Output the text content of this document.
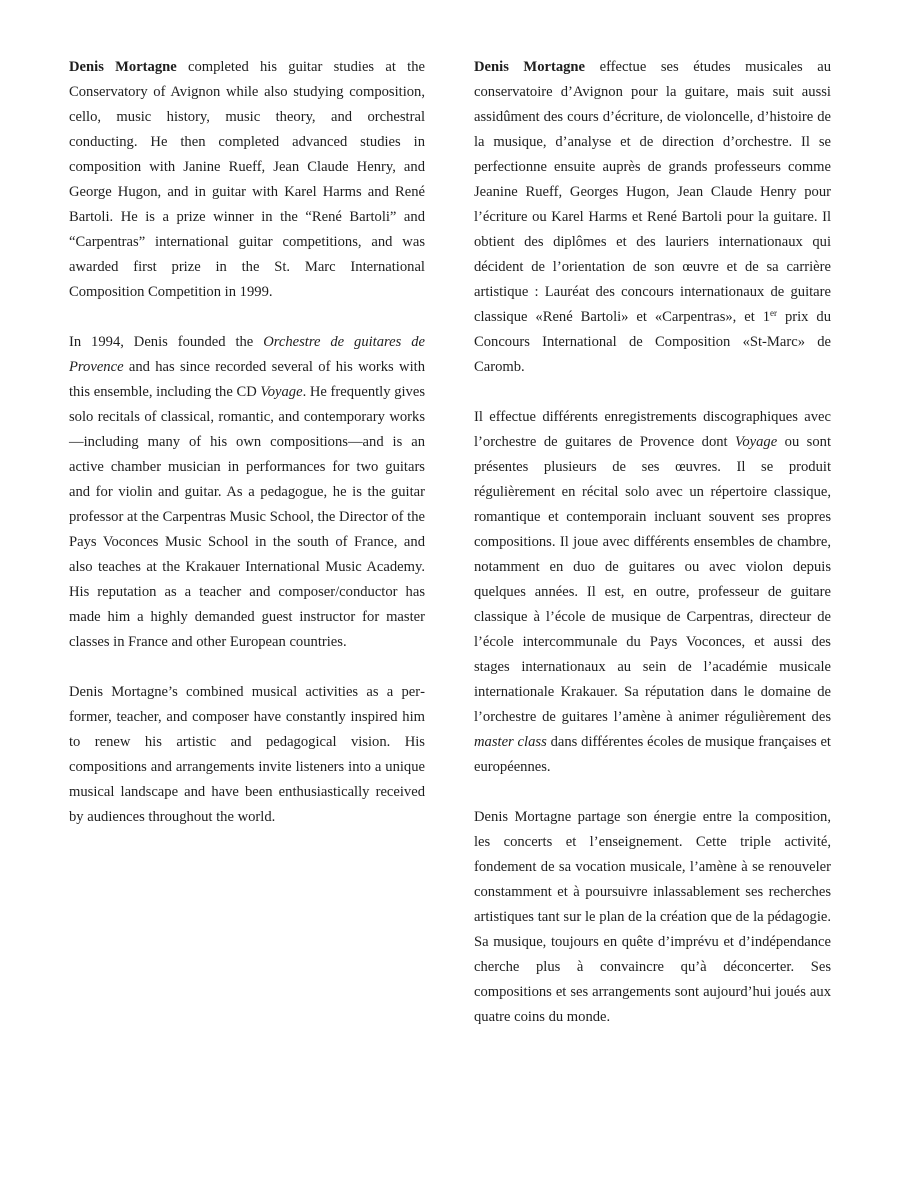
Denis Mortagne completed his guitar studies at the Conservatory of Avignon while also studying composition, cello, music history, music theory, and orchestral conducting. He then completed advanced studies in composition with Janine Rueff, Jean Claude Henry, and George Hugon, and in guitar with Karel Harms and René Bartoli. He is a prize winner in the “René Bartoli” and “Carpentras” international guitar competitions, and was awarded first prize in the St. Marc International Composition Competition in 1999.

In 1994, Denis founded the Orchestre de guitares de Provence and has since recorded several of his works with this ensemble, including the CD Voyage. He frequently gives solo recitals of classical, romantic, and contemporary works—including many of his own compositions—and is an active chamber musician in performances for two guitars and for violin and guitar. As a pedagogue, he is the guitar professor at the Carpentras Music School, the Director of the Pays Voconces Music School in the south of France, and also teaches at the Krakauer International Music Academy. His reputation as a teacher and composer/conductor has made him a highly demanded guest instructor for master classes in France and other European countries.

Denis Mortagne’s combined musical activities as a performer, teacher, and composer have constantly inspired him to renew his artistic and pedagogical vision. His compositions and arrangements invite listeners into a unique musical landscape and have been enthusiastically received by audiences throughout the world.

Denis Mortagne effectue ses études musicales au conservatoire d’Avignon pour la guitare, mais suit aussi assidûment des cours d’écriture, de violoncelle, d’histoire de la musique, d’analyse et de direction d’orchestre. Il se perfectionne ensuite auprès de grands professeurs comme Jeanine Rueff, Georges Hugon, Jean Claude Henry pour l’écriture ou Karel Harms et René Bartoli pour la guitare. Il obtient des diplômes et des lauriers internationaux qui décident de l’orientation de son œuvre et de sa carrière artistique : Lauréat des concours internationaux de guitare classique «René Bartoli» et «Carpentras», et 1er prix du Concours International de Composition «St-Marc» de Caromb.

Il effectue différents enregistrements discographiques avec l’orchestre de guitares de Provence dont Voyage ou sont présentes plusieurs de ses œuvres. Il se produit régulièrement en récital solo avec un répertoire classique, romantique et contemporain incluant souvent ses propres compositions. Il joue avec différents ensembles de chambre, notamment en duo de guitares ou avec violon depuis quelques années. Il est, en outre, professeur de guitare classique à l’école de musique de Carpentras, directeur de l’école intercommunale du Pays Voconces, et aussi des stages internationaux au sein de l’académie musicale internationale Krakauer. Sa réputation dans le domaine de l’orchestre de guitares l’amène à animer régulièrement des master class dans différentes écoles de musique françaises et européennes.

Denis Mortagne partage son énergie entre la composition, les concerts et l’enseignement. Cette triple activité, fondement de sa vocation musicale, l’amène à se renouveler constamment et à poursuivre inlassablement ses recherches artistiques tant sur le plan de la création que de la pédagogie. Sa musique, toujours en quête d’imprévu et d’indépendance cherche plus à convaincre qu’à déconcerter. Ses compositions et ses arrangements sont aujourd’hui joués aux quatre coins du monde.
